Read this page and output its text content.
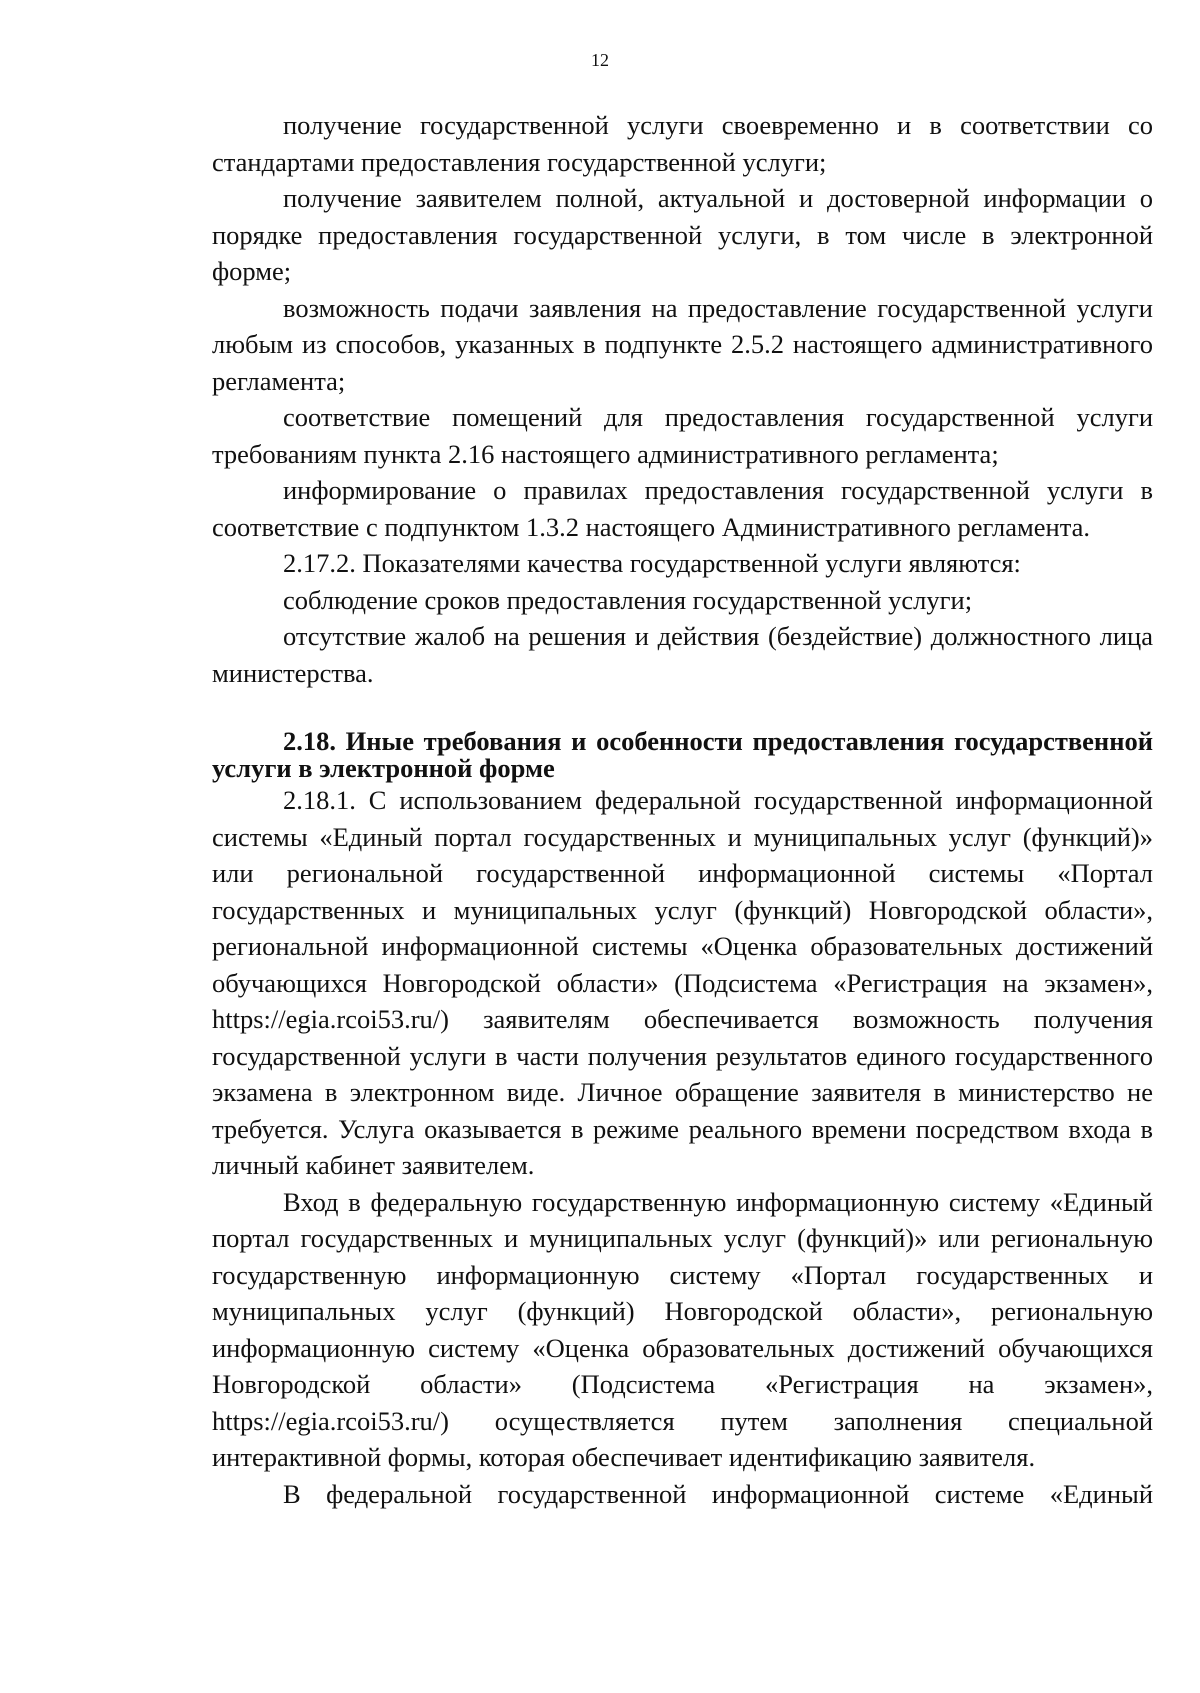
12

получение государственной услуги своевременно и в соответствии со стандартами предоставления государственной услуги;

получение заявителем полной, актуальной и достоверной информации о порядке предоставления государственной услуги, в том числе в электронной форме;

возможность подачи заявления на предоставление государственной услуги любым из способов, указанных в подпункте 2.5.2 настоящего административного регламента;

соответствие помещений для предоставления государственной услуги требованиям пункта 2.16 настоящего административного регламента;

информирование о правилах предоставления государственной услуги в соответствие с подпунктом 1.3.2 настоящего Административного регламента.

2.17.2. Показателями качества государственной услуги являются:

соблюдение сроков предоставления государственной услуги;

отсутствие жалоб на решения и действия (бездействие) должностного лица министерства.

2.18. Иные требования и особенности предоставления государственной услуги в электронной форме

2.18.1. С использованием федеральной государственной информационной системы «Единый портал государственных и муниципальных услуг (функций)» или региональной государственной информационной системы «Портал государственных и муниципальных услуг (функций) Новгородской области», региональной информационной системы «Оценка образовательных достижений обучающихся Новгородской области» (Подсистема «Регистрация на экзамен», https://egia.rcoi53.ru/) заявителям обеспечивается возможность получения государственной услуги в части получения результатов единого государственного экзамена в электронном виде. Личное обращение заявителя в министерство не требуется. Услуга оказывается в режиме реального времени посредством входа в личный кабинет заявителем.

Вход в федеральную государственную информационную систему «Единый портал государственных и муниципальных услуг (функций)» или региональную государственную информационную систему «Портал государственных и муниципальных услуг (функций) Новгородской области», региональную информационную систему «Оценка образовательных достижений обучающихся Новгородской области» (Подсистема «Регистрация на экзамен», https://egia.rcoi53.ru/) осуществляется путем заполнения специальной интерактивной формы, которая обеспечивает идентификацию заявителя.

В федеральной государственной информационной системе «Единый
